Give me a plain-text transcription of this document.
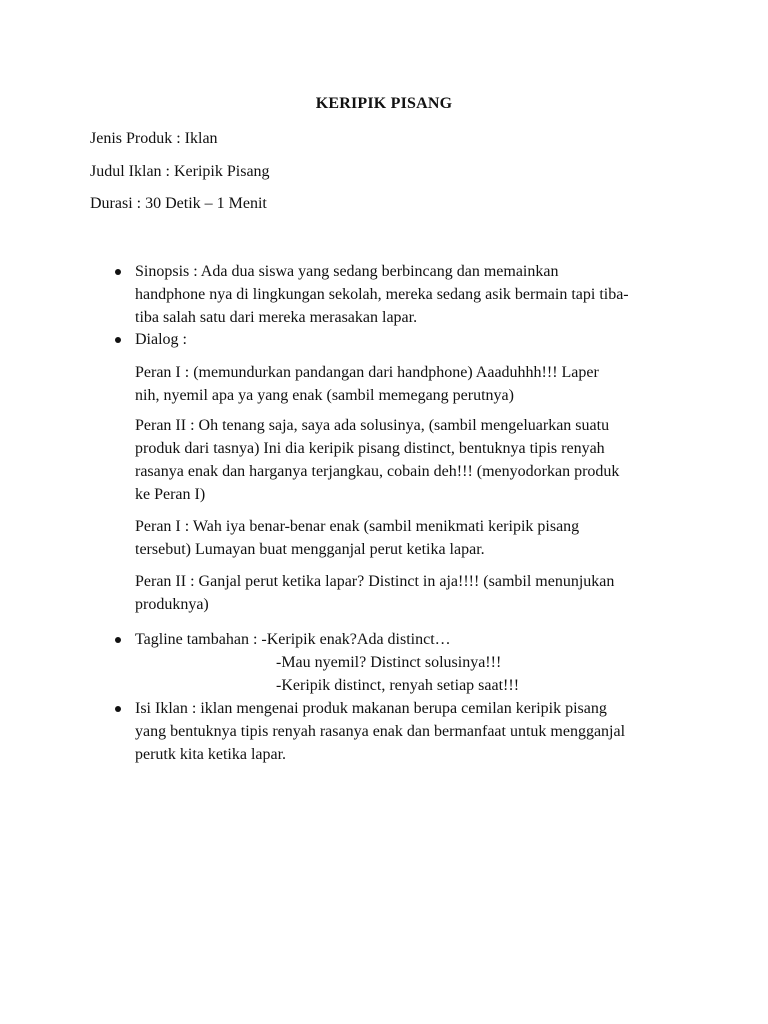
KERIPIK PISANG
Jenis Produk : Iklan
Judul Iklan : Keripik Pisang
Durasi : 30 Detik – 1 Menit
Sinopsis : Ada dua siswa yang sedang berbincang dan memainkan
handphone nya di lingkungan sekolah, mereka sedang asik bermain tapi tiba-
tiba salah satu dari mereka merasakan lapar.
Dialog :
Peran I : (memundurkan pandangan dari handphone) Aaaduhhh!!! Laper
nih, nyemil apa ya yang enak (sambil memegang perutnya)
Peran II : Oh tenang saja, saya ada solusinya, (sambil mengeluarkan suatu
produk dari tasnya) Ini dia keripik pisang distinct, bentuknya tipis renyah
rasanya enak dan harganya terjangkau, cobain deh!!! (menyodorkan produk
ke Peran I)
Peran I : Wah iya benar-benar enak (sambil menikmati keripik pisang
tersebut) Lumayan buat mengganjal perut ketika lapar.
Peran II : Ganjal perut ketika lapar? Distinct in aja!!!! (sambil menunjukan
produknya)
Tagline tambahan : -Keripik enak?Ada distinct…
-Mau nyemil? Distinct solusinya!!!
-Keripik distinct, renyah setiap saat!!!
Isi Iklan : iklan mengenai produk makanan berupa cemilan keripik pisang
yang bentuknya tipis renyah rasanya enak dan bermanfaat untuk mengganjal
perutk kita ketika lapar.
